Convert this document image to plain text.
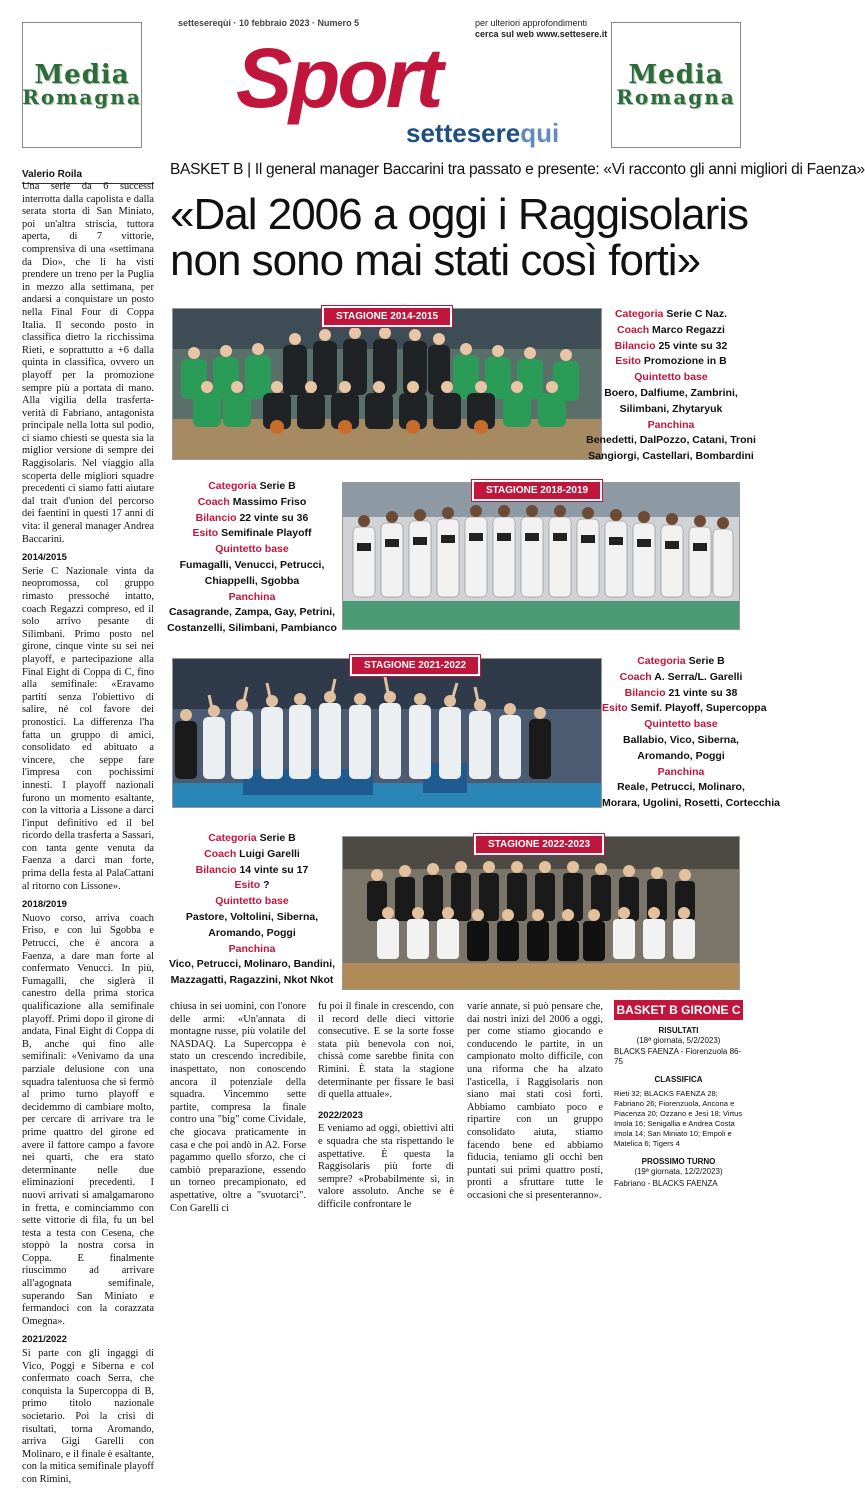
Media
Romagna
Media
Romagna
settesereqùi · 10 febbraio 2023 · Numero 5	per ulteriori approfondimenti
cerca sul web www.settesere.it
Sport
setteserequi
Valerio Roila

Una serie da 6 successi interrotta dalla capolista e dalla serata storta di San Miniato, poi un'altra striscia, tuttora aperta, di 7 vittorie, comprensiva di una «settimana da Dio», che li ha visti prendere un treno per la Puglia in mezzo alla settimana, per andarsi a conquistare un posto nella Final Four di Coppa Italia. Il secondo posto in classifica dietro la ricchissima Rieti, e soprattutto a +6 dalla quinta in classifica, ovvero un playoff per la promozione sempre più a portata di mano. Alla vigilia della trasferta-verità di Fabriano, antagonista principale nella lotta sul podio, ci siamo chiesti se questa sia la miglior versione di sempre dei Raggisolaris. Nel viaggio alla scoperta delle migliori squadre precedenti ci siamo fatti aiutare dal trait d'union del percorso dei faentini in questi 17 anni di vita: il general manager Andrea Baccarini.

2014/2015

Serie C Nazionale vinta da neopromossa, col gruppo rimasto pressoché intatto, coach Regazzi compreso, ed il solo arrivo pesante di Silimbani. Primo posto nel girone, cinque vinte su sei nei playoff, e partecipazione alla Final Eight di Coppa di C, fino alla semifinale: «Eravamo partiti senza l'obiettivo di salire, né col favore dei pronostici. La differenza l'ha fatta un gruppo di amici, consolidato ed abituato a vincere, che seppe fare l'impresa con pochissimi innesti. I playoff nazionali furono un momento esaltante, con la vittoria a Lissone a darci l'input definitivo ed il bel ricordo della trasferta a Sassari, con tanta gente venuta da Faenza a darci man forte, prima della festa al PalaCattani al ritorno con Lissone».

2018/2019

Nuovo corso, arriva coach Friso, e con lui Sgobba e Petrucci, che è ancora a Faenza, a dare man forte al confermato Venucci. In più, Fumagalli, che siglerà il canestro della prima storica qualificazione alla semifinale playoff. Primi dopo il girone di andata, Final Eight di Coppa di B, anche qui fino alle semifinali: «Venivamo da una parziale delusione con una squadra talentuosa che si fermò al primo turno playoff e decidemmo di cambiare molto, per cercare di arrivare tra le prime quattro del girone ed avere il fattore campo a favore nei quarti, che era stato determinante nelle due eliminazioni precedenti. I nuovi arrivati si amalgamarono in fretta, e cominciammo con sette vittorie di fila, fu un bel testa a testa con Cesena, che stoppò la nostra corsa in Coppa. E finalmente riuscimmo ad arrivare all'agognata semifinale, superando San Miniato e fermandoci con la corazzata Omegna».

2021/2022

Si parte con gli ingaggi di Vico, Poggi e Siberna e col confermato coach Serra, che conquista la Supercoppa di B, primo titolo nazionale societario. Poi la crisi di risultati, torna Aromando, arriva Gigi Garelli con Molinaro, e il finale è esaltante, con la mitica semifinale playoff con Rimini,

BASKET B | Il general manager Baccarini tra passato e presente: «Vi racconto gli anni migliori di Faenza»
«Dal 2006 a oggi i Raggisolaris
non sono mai stati così forti»
STAGIONE 2014-2015	Categoria Serie C Naz.
Coach Marco Regazzi
Bilancio 25 vinte su 32
Esito Promozione in B
Quintetto base
Boero, Dalfiume, Zambrini,
Silimbani, Zhytaryuk
Panchina
Benedetti, DalPozzo, Catani, Troni
Sangiorgi, Castellari, Bombardini
Categoria Serie B
Coach Massimo Friso
Bilancio 22 vinte su 36
Esito Semifinale Playoff
Quintetto base
Fumagalli, Venucci, Petrucci,
Chiappelli, Sgobba
Panchina
Casagrande, Zampa, Gay, Petrini,
Costanzelli, Silimbani, Pambianco
STAGIONE 2018-2019
STAGIONE 2021-2022	Categoria Serie B
Coach A. Serra/L. Garelli
Bilancio 21 vinte su 38
Esito Semif. Playoff, Supercoppa
Quintetto base
Ballabio, Vico, Siberna,
Aromando, Poggi
Panchina
Reale, Petrucci, Molinaro,
Morara, Ugolini, Rosetti, Cortecchia
Categoria Serie B
Coach Luigi Garelli
Bilancio 14 vinte su 17
Esito ?
Quintetto base
Pastore, Voltolini, Siberna,
Aromando, Poggi
Panchina
Vico, Petrucci, Molinaro, Bandini,
Mazzagatti, Ragazzini, Nkot Nkot
STAGIONE 2022-2023

chiusa in sei uomini, con l'onore delle armi: «Un'annata di montagne russe, più volatile del NASDAQ. La Supercoppa è stato un crescendo incredibile, inaspettato, non conoscendo ancora il potenziale della squadra. Vincemmo sette partite, compresa la finale contro una "big" come Cividale, che giocava praticamente in casa e che poi andò in A2. Forse pagammo quello sforzo, che ci cambiò preparazione, essendo un torneo precampionato, ed aspettative, oltre a "svuotarci". Con Garelli ci

fu poi il finale in crescendo, con il record delle dieci vittorie consecutive. E se la sorte fosse stata più benevola con noi, chissà come sarebbe finita con Rimini. È stata la stagione determinante per fissare le basi di quella attuale».

2022/2023

E veniamo ad oggi, obiettivi alti e squadra che sta rispettando le aspettative. È questa la Raggisolaris più forte di sempre? «Probabilmente sì, in valore assoluto. Anche se è difficile confrontare le

varie annate, si può pensare che, dai nostri inizi del 2006 a oggi, per come stiamo giocando e conducendo le partite, in un campionato molto difficile, con una riforma che ha alzato l'asticella, i Raggisolaris non siano mai stati così forti. Abbiamo cambiato poco e ripartire con un gruppo consolidato aiuta, stiamo facendo bene ed abbiamo fiducia, teniamo gli occhi ben puntati sui primi quattro posti, pronti a sfruttare tutte le occasioni che si presenteranno».

BASKET B GIRONE C
RISULTATI
(18ª giornata, 5/2/2023)
BLACKS FAENZA - Fiorenzuola 86-75
CLASSIFICA
Rieti 32; BLACKS FAENZA 28; Fabriano 26; Fiorenzuola, Ancona e Piacenza 20; Ozzano e Jesi 18; Virtus Imola 16; Senigallia e Andrea Costa Imola 14; San Miniato 10; Empoli e Matelica 6; Tigers 4
PROSSIMO TURNO
(19ª giornata, 12/2/2023)
Fabriano - BLACKS FAENZA
